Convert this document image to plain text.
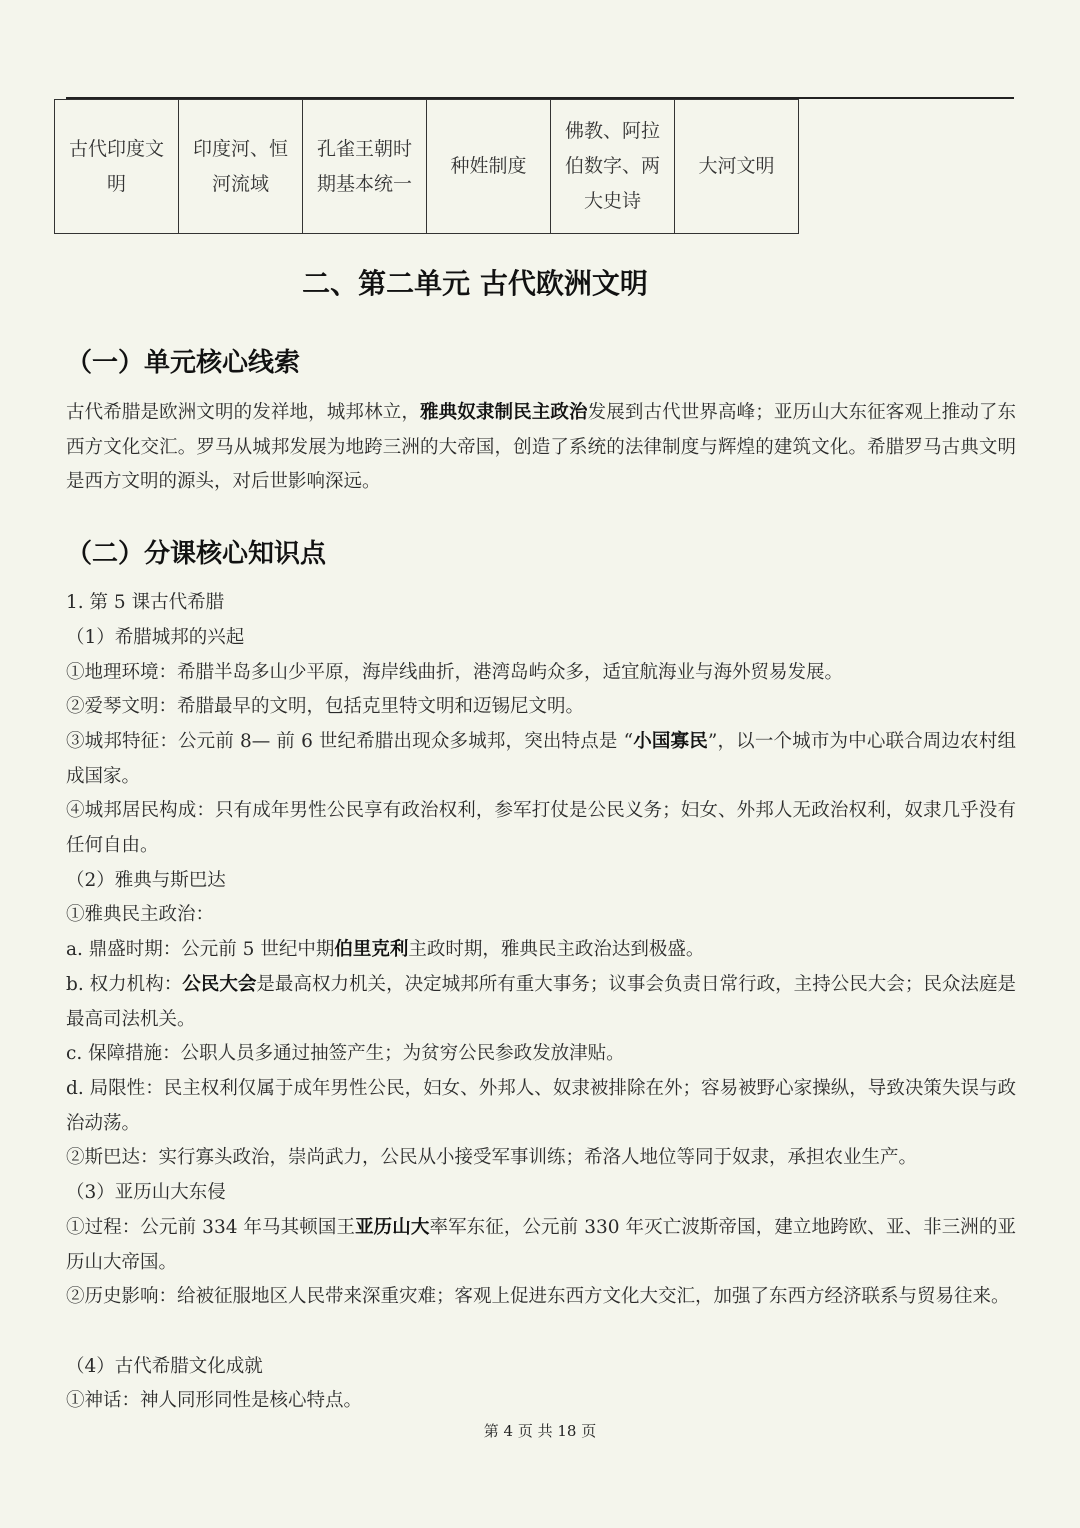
古代印度文明	印度河、恒河流域	孔雀王朝时期基本统一	种姓制度	佛教、阿拉伯数字、两大史诗	大河文明
二、第二单元 古代欧洲文明
（一）单元核心线索

古代希腊是欧洲文明的发祥地，城邦林立，雅典奴隶制民主政治发展到古代世界高峰；亚历山大东征客观上推动了东西方文化交汇。罗马从城邦发展为地跨三洲的大帝国，创造了系统的法律制度与辉煌的建筑文化。希腊罗马古典文明是西方文明的源头，对后世影响深远。

（二）分课核心知识点

1. 第 5 课古代希腊

（1）希腊城邦的兴起

①地理环境：希腊半岛多山少平原，海岸线曲折，港湾岛屿众多，适宜航海业与海外贸易发展。

②爱琴文明：希腊最早的文明，包括克里特文明和迈锡尼文明。

③城邦特征：公元前 8— 前 6 世纪希腊出现众多城邦，突出特点是 “小国寡民”，以一个城市为中心联合周边农村组成国家。

④城邦居民构成：只有成年男性公民享有政治权利，参军打仗是公民义务；妇女、外邦人无政治权利，奴隶几乎没有任何自由。

（2）雅典与斯巴达

①雅典民主政治：

a. 鼎盛时期：公元前 5 世纪中期伯里克利主政时期，雅典民主政治达到极盛。

b. 权力机构：公民大会是最高权力机关，决定城邦所有重大事务；议事会负责日常行政，主持公民大会；民众法庭是最高司法机关。

c. 保障措施：公职人员多通过抽签产生；为贫穷公民参政发放津贴。

d. 局限性：民主权利仅属于成年男性公民，妇女、外邦人、奴隶被排除在外；容易被野心家操纵，导致决策失误与政治动荡。

②斯巴达：实行寡头政治，崇尚武力，公民从小接受军事训练；希洛人地位等同于奴隶，承担农业生产。

（3）亚历山大东侵

①过程：公元前 334 年马其顿国王亚历山大率军东征，公元前 330 年灭亡波斯帝国，建立地跨欧、亚、非三洲的亚历山大帝国。

②历史影响：给被征服地区人民带来深重灾难；客观上促进东西方文化大交汇，加强了东西方经济联系与贸易往来。

（4）古代希腊文化成就

①神话：神人同形同性是核心特点。

第 4 页 共 18 页
